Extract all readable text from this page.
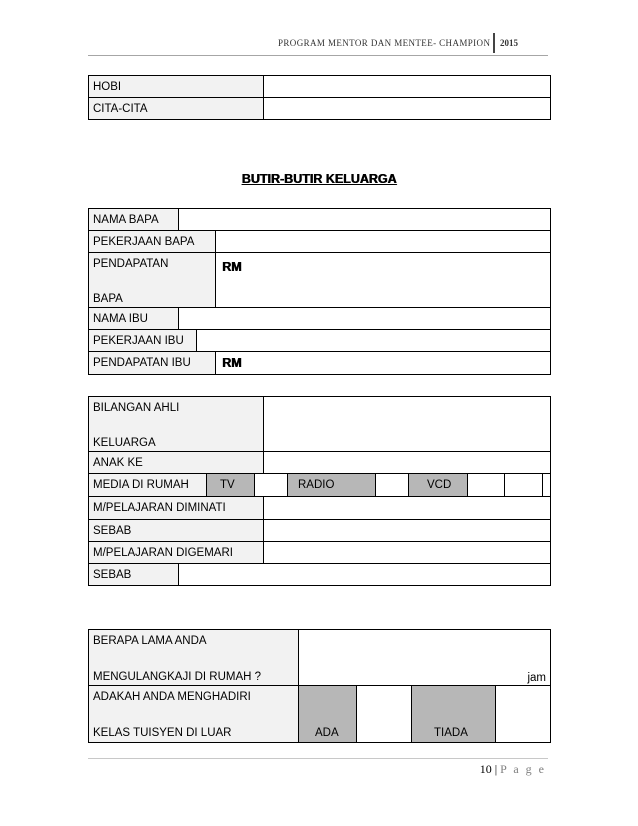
PROGRAM MENTOR DAN MENTEE- CHAMPION 2015
HOBI	
CITA-CITA	
BUTIR-BUTIR KELUARGA
NAMA BAPA	
PEKERJAAN BAPA	
PENDAPATAN
BAPA
	RM
NAMA IBU	
PEKERJAAN IBU	
PENDAPATAN IBU	RM
BILANGAN AHLI
KELUARGA

ANAK KE	
MEDIA DI RUMAH	TV		RADIO		VCD			
M/PELAJARAN DIMINATI	
SEBAB	
M/PELAJARAN DIGEMARI	
SEBAB	
BERAPA LAMA ANDA
MENGULANGKAJI DI RUMAH ?	jam
ADAKAH ANDA MENGHADIRI
KELAS TUISYEN DI LUAR	ADA		TIADA	
10 | P a g e
